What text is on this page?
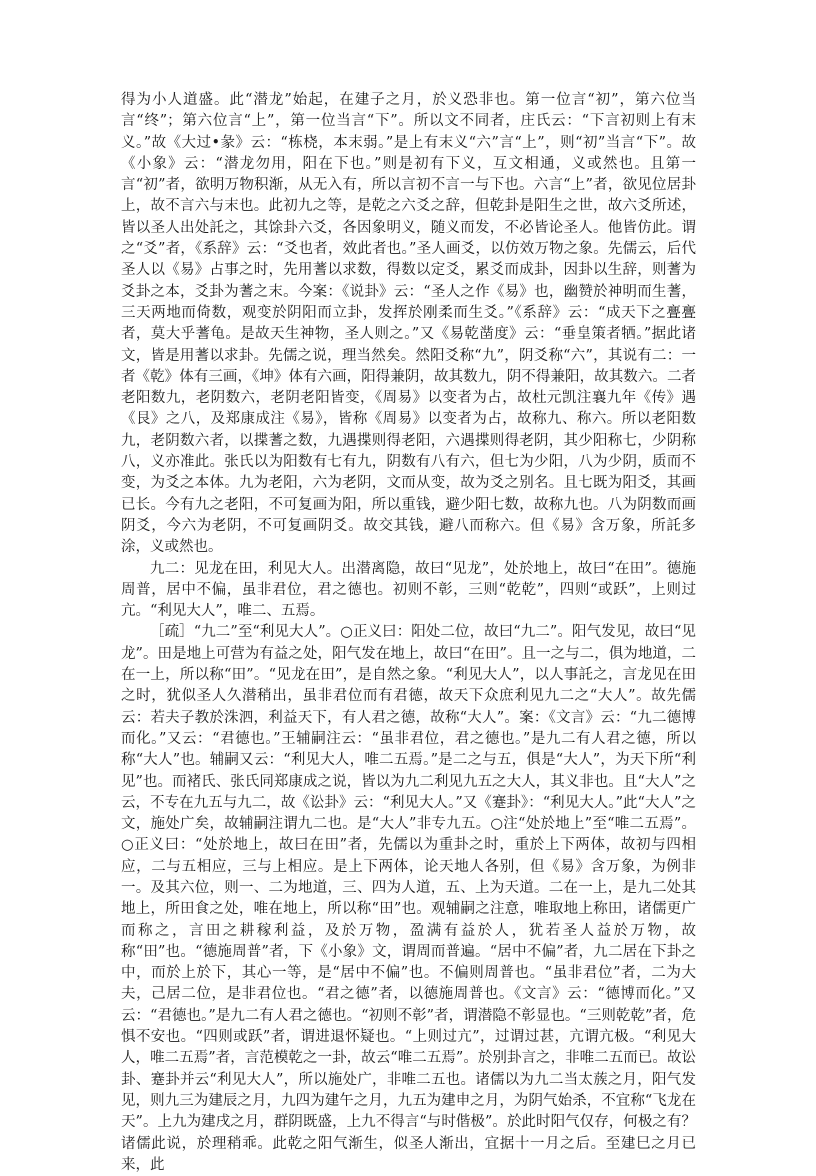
得为小人道盛。此“潜龙”始起，在建子之月，於义恐非也。第一位言“初”，第六位当言“终”；第六位言“上”，第一位当言“下”。所以文不同者，庄氏云：“下言初则上有末义。”故《大过•彖》云：“栋桡，本末弱。”是上有末义“六”言“上”，则“初”当言“下”。故《小象》云：“潜龙勿用，阳在下也。”则是初有下义，互文相通，义或然也。且第一言“初”者，欲明万物积渐，从无入有，所以言初不言一与下也。六言“上”者，欲见位居卦上，故不言六与末也。此初九之等，是乾之六爻之辞，但乾卦是阳生之世，故六爻所述，皆以圣人出处託之，其馀卦六爻，各因象明义，随义而发，不必皆论圣人。他皆仿此。谓之“爻”者，《系辞》云：“爻也者，效此者也。”圣人画爻，以仿效万物之象。先儒云，后代圣人以《易》占事之时，先用蓍以求数，得数以定爻，累爻而成卦，因卦以生辞，则蓍为爻卦之本，爻卦为蓍之末。今案：《说卦》云：“圣人之作《易》也，幽赞於神明而生蓍，三天两地而倚数，观变於阴阳而立卦，发挥於刚柔而生爻。”《系辞》云：“成天下之亹亹者，莫大乎蓍龟。是故天生神物，圣人则之。”又《易乾凿度》云：“垂皇策者牺。”据此诸文，皆是用蓍以求卦。先儒之说，理当然矣。然阳爻称“九”，阴爻称“六”，其说有二：一者《乾》体有三画，《坤》体有六画，阳得兼阴，故其数九，阴不得兼阳，故其数六。二者老阳数九，老阴数六，老阴老阳皆变，《周易》以变者为占，故杜元凯注襄九年《传》遇《艮》之八，及郑康成注《易》，皆称《周易》以变者为占，故称九、称六。所以老阳数九，老阴数六者，以揲蓍之数，九遇揲则得老阳，六遇揲则得老阴，其少阳称七，少阴称八，义亦准此。张氏以为阳数有七有九，阴数有八有六，但七为少阳，八为少阴，质而不变，为爻之本体。九为老阳，六为老阴，文而从变，故为爻之别名。且七既为阳爻，其画已长。今有九之老阳，不可复画为阳，所以重钱，避少阳七数，故称九也。八为阴数而画阴爻，今六为老阴，不可复画阴爻。故交其钱，避八而称六。但《易》含万象，所託多涂，义或然也。

九二：见龙在田，利见大人。出潜离隐，故曰“见龙”，处於地上，故曰“在田”。德施周普，居中不偏，虽非君位，君之德也。初则不彰，三则“乾乾”，四则“或跃”，上则过亢。“利见大人”，唯二、五焉。

［疏］“九二”至“利见大人”。○正义曰：阳处二位，故曰“九二”。阳气发见，故曰“见龙”。田是地上可营为有益之处，阳气发在地上，故曰“在田”。且一之与二，俱为地道，二在一上，所以称“田”。“见龙在田”，是自然之象。“利见大人”，以人事託之，言龙见在田之时，犹似圣人久潜稍出，虽非君位而有君德，故天下众庶利见九二之“大人”。故先儒云：若夫子教於洙泗，利益天下，有人君之德，故称“大人”。案：《文言》云：“九二德博而化。”又云：“君德也。”王辅嗣注云：“虽非君位，君之德也。”是九二有人君之德，所以称“大人”也。辅嗣又云：“利见大人，唯二五焉。”是二之与五，俱是“大人”，为天下所“利见”也。而褚氏、张氏同郑康成之说，皆以为九二利见九五之大人，其义非也。且“大人”之云，不专在九五与九二，故《讼卦》云：“利见大人。”又《蹇卦》：“利见大人。”此“大人”之文，施处广矣，故辅嗣注谓九二也。是“大人”非专九五。○注“处於地上”至“唯二五焉”。○正义曰：“处於地上，故曰在田”者，先儒以为重卦之时，重於上下两体，故初与四相应，二与五相应，三与上相应。是上下两体，论天地人各别，但《易》含万象，为例非一。及其六位，则一、二为地道，三、四为人道，五、上为天道。二在一上，是九二处其地上，所田食之处，唯在地上，所以称“田”也。观辅嗣之注意，唯取地上称田，诸儒更广而称之，言田之耕稼利益，及於万物，盈满有益於人，犹若圣人益於万物，故称“田”也。“德施周普”者，下《小象》文，谓周而普遍。“居中不偏”者，九二居在下卦之中，而於上於下，其心一等，是“居中不偏”也。不偏则周普也。“虽非君位”者，二为大夫，己居二位，是非君位也。“君之德”者，以德施周普也。《文言》云：“德博而化。”又云：“君德也。”是九二有人君之德也。“初则不彰”者，谓潜隐不彰显也。“三则乾乾”者，危惧不安也。“四则或跃”者，谓进退怀疑也。“上则过亢”，过谓过甚，亢谓亢极。“利见大人，唯二五焉”者，言范模乾之一卦，故云“唯二五焉”。於别卦言之，非唯二五而已。故讼卦、蹇卦并云“利见大人”，所以施处广，非唯二五也。诸儒以为九二当太蔟之月，阳气发见，则九三为建辰之月，九四为建午之月，九五为建申之月，为阴气始杀，不宜称“飞龙在天”。上九为建戌之月，群阴既盛，上九不得言“与时偕极”。於此时阳气仅存，何极之有？诸儒此说，於理稍乖。此乾之阳气渐生，似圣人渐出，宜据十一月之后。至建巳之月已来，此
